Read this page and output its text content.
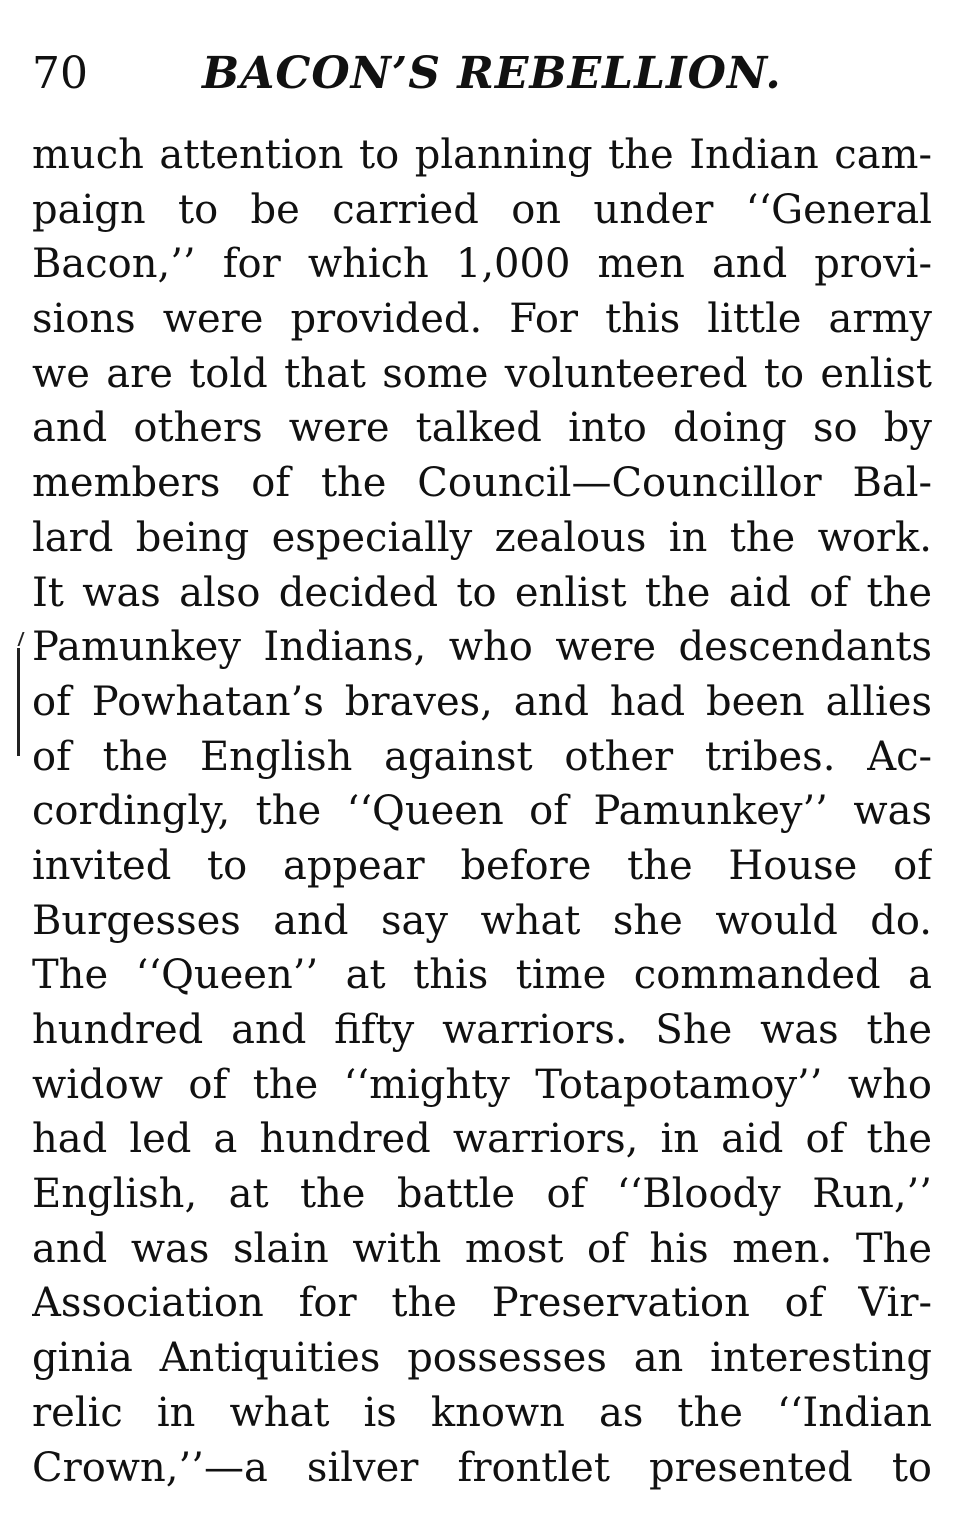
70	BACON’S REBELLION.
much attention to planning the Indian cam-
paign to be carried on under ‘‘General
Bacon,’’ for which 1,000 men and provi-
sions were provided. For this little army
we are told that some volunteered to enlist
and others were talked into doing so by
members of the Council—Councillor Bal-
lard being especially zealous in the work.
It was also decided to enlist the aid of the
Pamunkey Indians, who were descendants
of Powhatan’s braves, and had been allies
of the English against other tribes. Ac-
cordingly, the ‘‘Queen of Pamunkey’’ was
invited to appear before the House of
Burgesses and say what she would do.
The ‘‘Queen’’ at this time commanded a
hundred and fifty warriors. She was the
widow of the ‘‘mighty Totapotamoy’’ who
had led a hundred warriors, in aid of the
English, at the battle of ‘‘Bloody Run,’’
and was slain with most of his men. The
Association for the Preservation of Vir-
ginia Antiquities possesses an interesting
relic in what is known as the ‘‘Indian
Crown,’’—a silver frontlet presented to
